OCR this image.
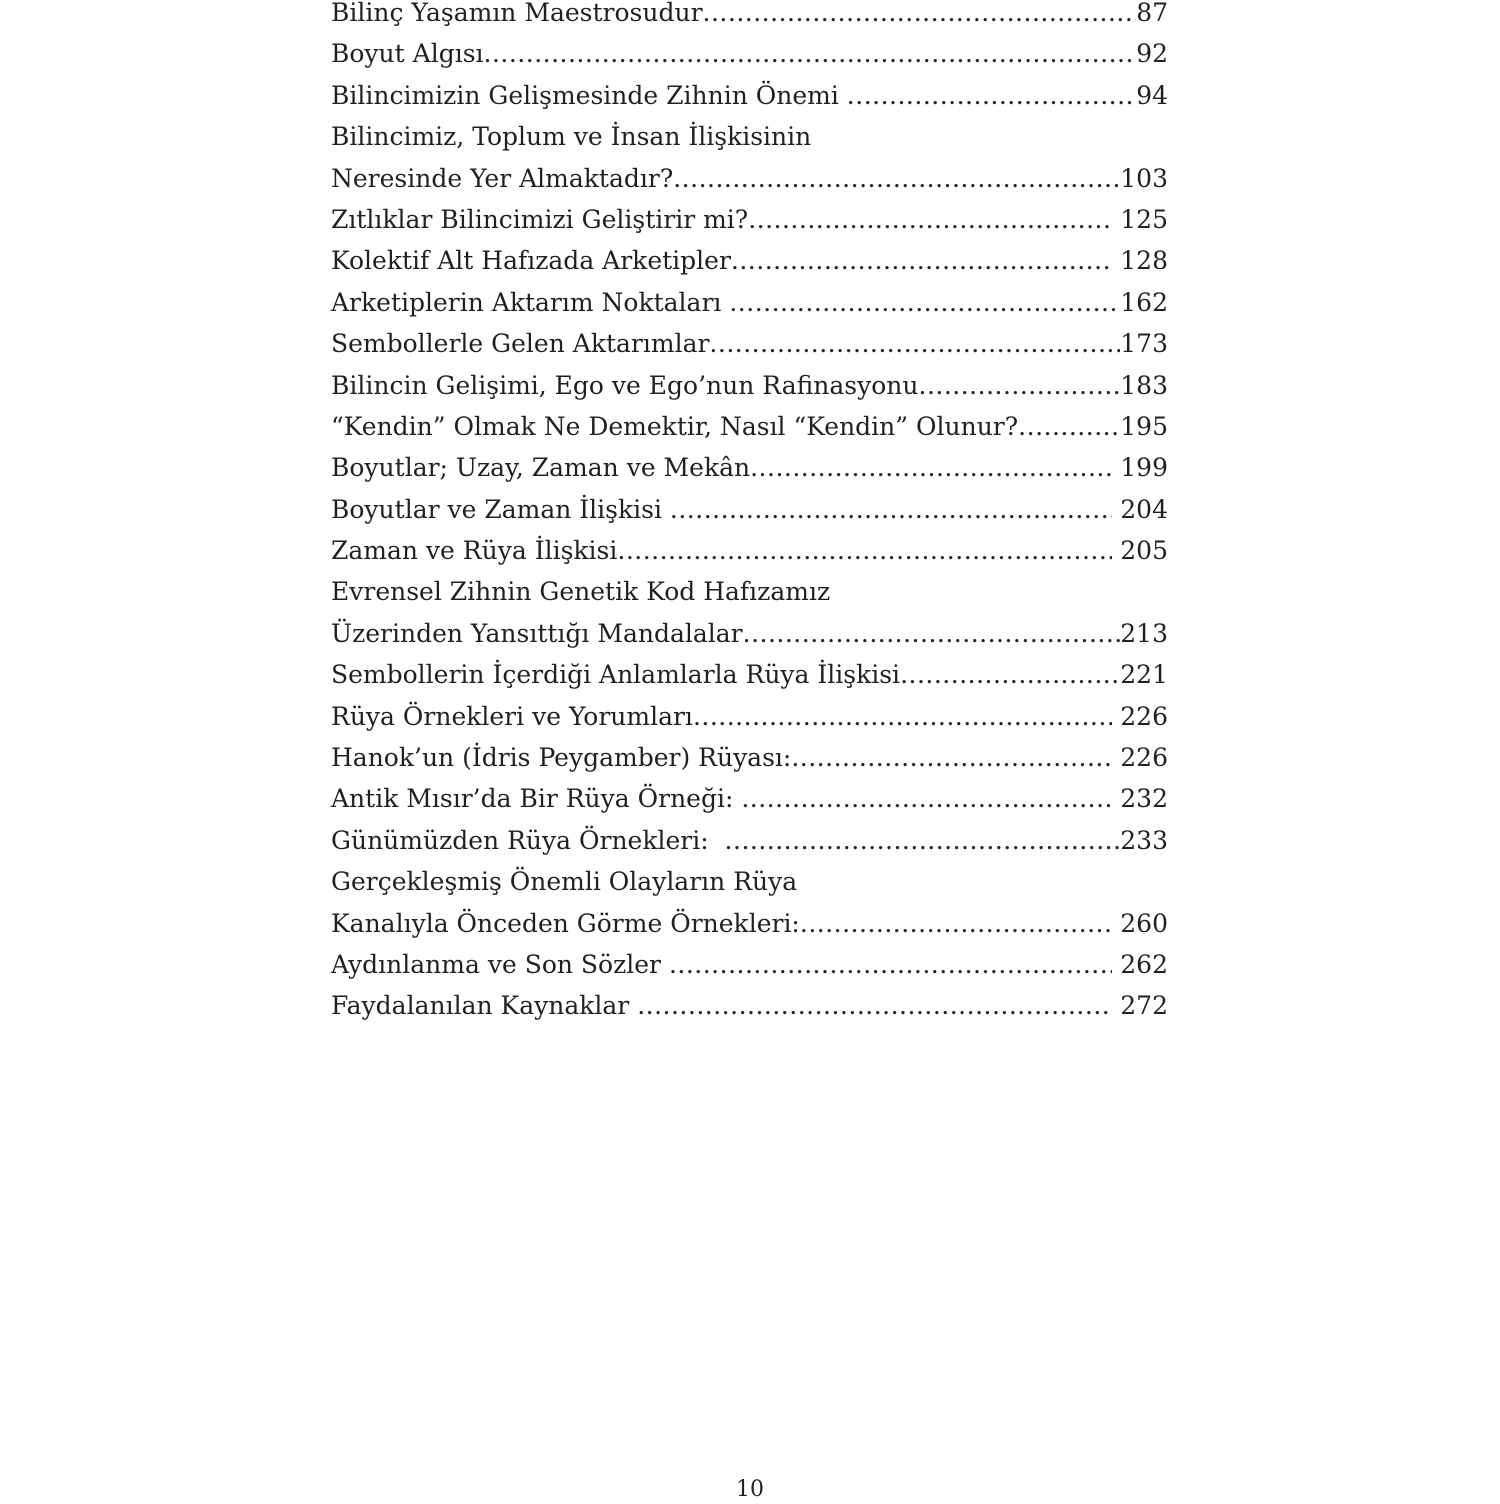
Bilinç Yaşamın Maestrosudur .....	87
Boyut Algısı .....	92
Bilincimizin Gelişmesinde Zihnin Önemi .....	94
Bilincimiz, Toplum ve İnsan İlişkisinin
Neresinde Yer Almaktadır? .....	103
Zıtlıklar Bilincimizi Geliştirir mi? .....	125
Kolektif Alt Hafızada Arketipler .....	128
Arketiplerin Aktarım Noktaları .....	162
Sembollerle Gelen Aktarımlar .....	173
Bilincin Gelişimi, Ego ve Ego’nun Rafinasyonu .....	183
“Kendin” Olmak Ne Demektir, Nasıl “Kendin” Olunur? .....	195
Boyutlar; Uzay, Zaman ve Mekân .....	199
Boyutlar ve Zaman İlişkisi .....	204
Zaman ve Rüya İlişkisi .....	205
Evrensel Zihnin Genetik Kod Hafızamız
Üzerinden Yansıttığı Mandalalar .....	213
Sembollerin İçerdiği Anlamlarla Rüya İlişkisi .....	221
Rüya Örnekleri ve Yorumları .....	226
Hanok’un (İdris Peygamber) Rüyası: .....	226
Antik Mısır’da Bir Rüya Örneği: .....	232
Günümüzden Rüya Örnekleri: .....	233
Gerçekleşmiş Önemli Olayların Rüya
Kanalıyla Önceden Görme Örnekleri: .....	260
Aydınlanma ve Son Sözler .....	262
Faydalanılan Kaynaklar .....	272
10
